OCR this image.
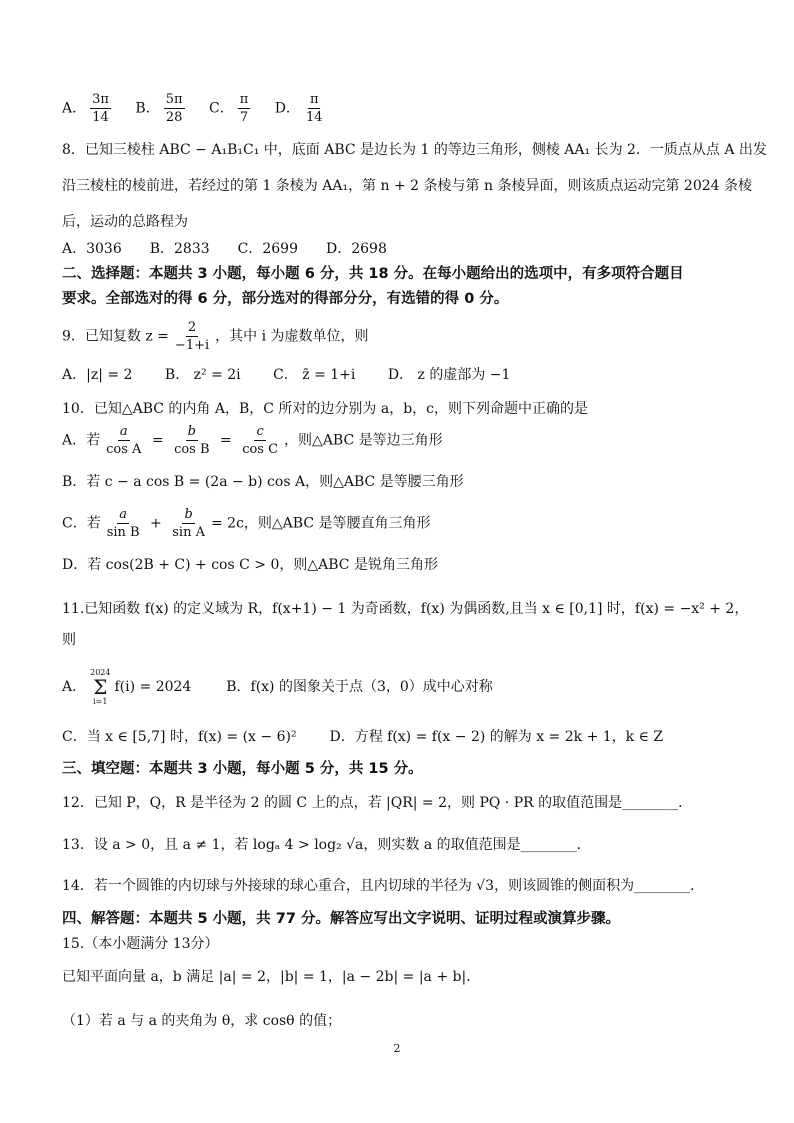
A． $\frac{3\pi}{14}$ B． $\frac{5\pi}{28}$ C． $\frac{\pi}{7}$ D． $\frac{\pi}{14}$
8．已知三棱柱 ABC − A₁B₁C₁ 中，底面 ABC 是边长为 1 的等边三角形，侧棱 AA₁ 长为 2．一质点从点 A 出发
沿三棱柱的棱前进，若经过的第 1 条棱为 AA₁，第 n + 2 条棱与第 n 条棱异面，则该质点运动完第 2024 条棱
后，运动的总路程为
A．3036　　B．2833　　C．2699　　D．2698
二、选择题：本题共 3 小题，每小题 6 分，共 18 分。在每小题给出的选项中，有多项符合题目
要求。全部选对的得 6 分，部分选对的得部分分，有选错的得 0 分。
9．已知复数 $z = \frac{2}{-1+i}$ ，其中 i 为虚数单位，则
A．|z| = 2　　 B． z² = 2i　　 C． z̄ = 1+i　　 D． z 的虚部为 −1
10．已知△ABC 的内角 A，B，C 所对的边分别为 a，b，c，则下列命题中正确的是
A．若 $\frac{a}{\text{cos A}} = \frac{b}{\text{cos B}} = \frac{c}{\text{cos C}}$ ，则△ABC 是等边三角形
B．若 c − a cos B = (2a − b) cos A，则△ABC 是等腰三角形
C．若 $\frac{a}{\text{sin B}} + \frac{b}{\text{sin A}} = 2c$，则△ABC 是等腰直角三角形
D．若 cos(2B + C) + cos C > 0，则△ABC 是锐角三角形
11.已知函数 f(x) 的定义域为 R，f(x+1) − 1 为奇函数，f(x) 为偶函数,且当 x ∈ [0,1] 时，f(x) = −x² + 2，
则
A．
2024
Σ
i=1
f(i) = 2024 B．f(x) 的图象关于点（3，0）成中心对称
C．当 x ∈ [5,7] 时，f(x) = (x − 6)² D．方程 f(x) = f(x − 2) 的解为 x = 2k + 1，k ∈ Z
三、填空题：本题共 3 小题，每小题 5 分，共 15 分。
12．已知 P，Q，R 是半径为 2 的圆 C 上的点，若 |QR| = 2，则 PQ · PR 的取值范围是________．
13．设 a > 0，且 a ≠ 1，若 logₐ 4 > log₂ √a，则实数 a 的取值范围是________．
14．若一个圆锥的内切球与外接球的球心重合，且内切球的半径为 √3，则该圆锥的侧面积为________．
四、解答题：本题共 5 小题，共 77 分。解答应写出文字说明、证明过程或演算步骤。
15.（本小题满分 13分）
已知平面向量 a，b 满足 |a| = 2，|b| = 1，|a − 2b| = |a + b|．
（1）若 a 与 a 的夹角为 θ，求 cosθ 的值；
2
